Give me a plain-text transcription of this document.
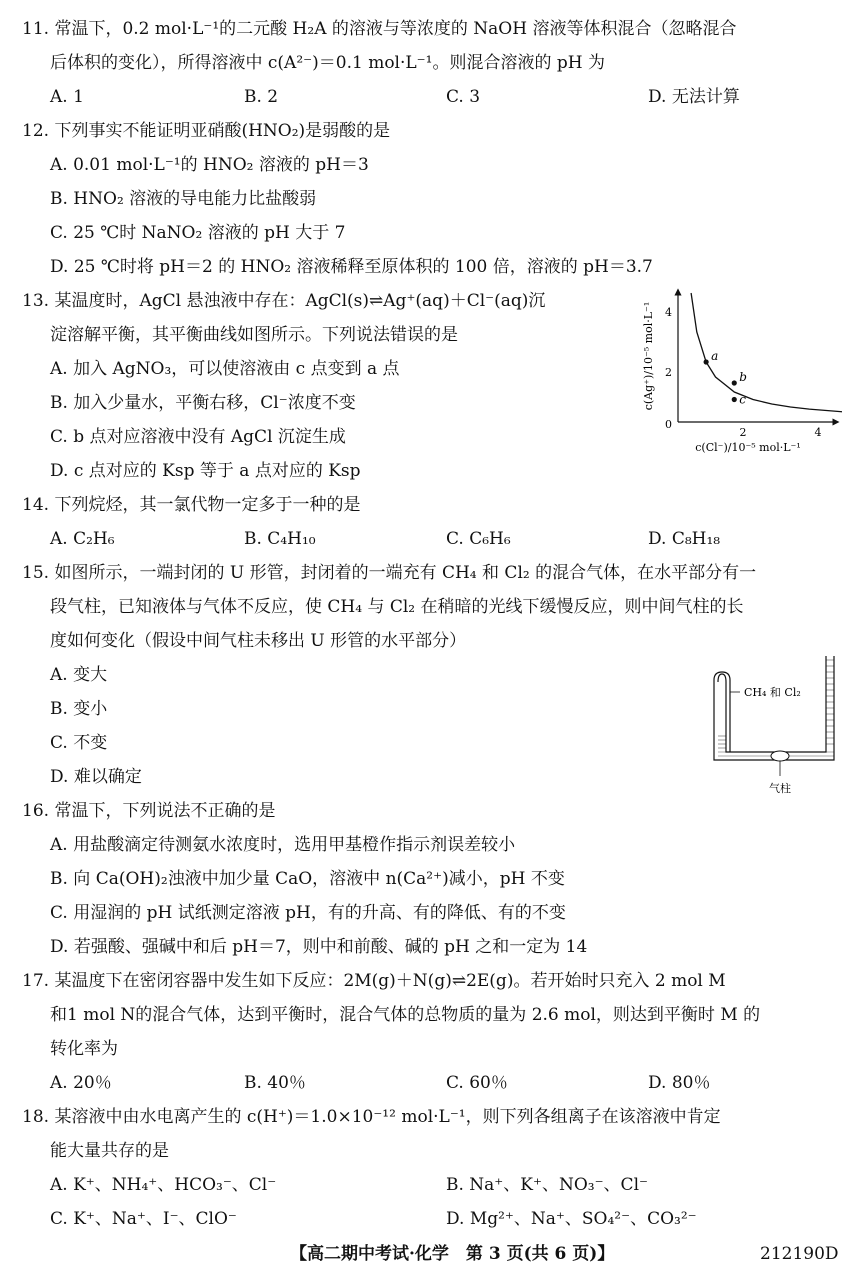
11. 常温下，0.2 mol·L⁻¹的二元酸 H₂A 的溶液与等浓度的 NaOH 溶液等体积混合（忽略混合
后体积的变化），所得溶液中 c(A²⁻)＝0.1 mol·L⁻¹。则混合溶液的 pH 为
A. 1	B. 2	C. 3	D. 无法计算
12. 下列事实不能证明亚硝酸(HNO₂)是弱酸的是
A. 0.01 mol·L⁻¹的 HNO₂ 溶液的 pH＝3
B. HNO₂ 溶液的导电能力比盐酸弱
C. 25 ℃时 NaNO₂ 溶液的 pH 大于 7
D. 25 ℃时将 pH＝2 的 HNO₂ 溶液稀释至原体积的 100 倍，溶液的 pH＝3.7
13. 某温度时，AgCl 悬浊液中存在：AgCl(s)⇌Ag⁺(aq)＋Cl⁻(aq)沉
淀溶解平衡，其平衡曲线如图所示。下列说法错误的是
A. 加入 AgNO₃，可以使溶液由 c 点变到 a 点
B. 加入少量水，平衡右移，Cl⁻浓度不变
C. b 点对应溶液中没有 AgCl 沉淀生成
D. c 点对应的 Ksp 等于 a 点对应的 Ksp
0
2	4
2
4
c(Cl⁻)/10⁻⁵ mol·L⁻¹
c(Ag⁺)/10⁻⁵ mol·L⁻¹	a
b
c
14. 下列烷烃，其一氯代物一定多于一种的是
A. C₂H₆	B. C₄H₁₀	C. C₆H₆	D. C₈H₁₈
15. 如图所示，一端封闭的 U 形管，封闭着的一端充有 CH₄ 和 Cl₂ 的混合气体，在水平部分有一
段气柱，已知液体与气体不反应，使 CH₄ 与 Cl₂ 在稍暗的光线下缓慢反应，则中间气柱的长
度如何变化（假设中间气柱未移出 U 形管的水平部分）
A. 变大
B. 变小
C. 不变
D. 难以确定
CH₄ 和 Cl₂
气柱
16. 常温下，下列说法不正确的是
A. 用盐酸滴定待测氨水浓度时，选用甲基橙作指示剂误差较小
B. 向 Ca(OH)₂浊液中加少量 CaO，溶液中 n(Ca²⁺)减小，pH 不变
C. 用湿润的 pH 试纸测定溶液 pH，有的升高、有的降低、有的不变
D. 若强酸、强碱中和后 pH＝7，则中和前酸、碱的 pH 之和一定为 14
17. 某温度下在密闭容器中发生如下反应：2M(g)＋N(g)⇌2E(g)。若开始时只充入 2 mol M
和1 mol N的混合气体，达到平衡时，混合气体的总物质的量为 2.6 mol，则达到平衡时 M 的
转化率为
A. 20％	B. 40％	C. 60％	D. 80％
18. 某溶液中由水电离产生的 c(H⁺)＝1.0×10⁻¹² mol·L⁻¹，则下列各组离子在该溶液中肯定
能大量共存的是
A. K⁺、NH₄⁺、HCO₃⁻、Cl⁻	B. Na⁺、K⁺、NO₃⁻、Cl⁻
C. K⁺、Na⁺、I⁻、ClO⁻	D. Mg²⁺、Na⁺、SO₄²⁻、CO₃²⁻
【高二期中考试·化学　第 3 页(共 6 页)】	212190D
